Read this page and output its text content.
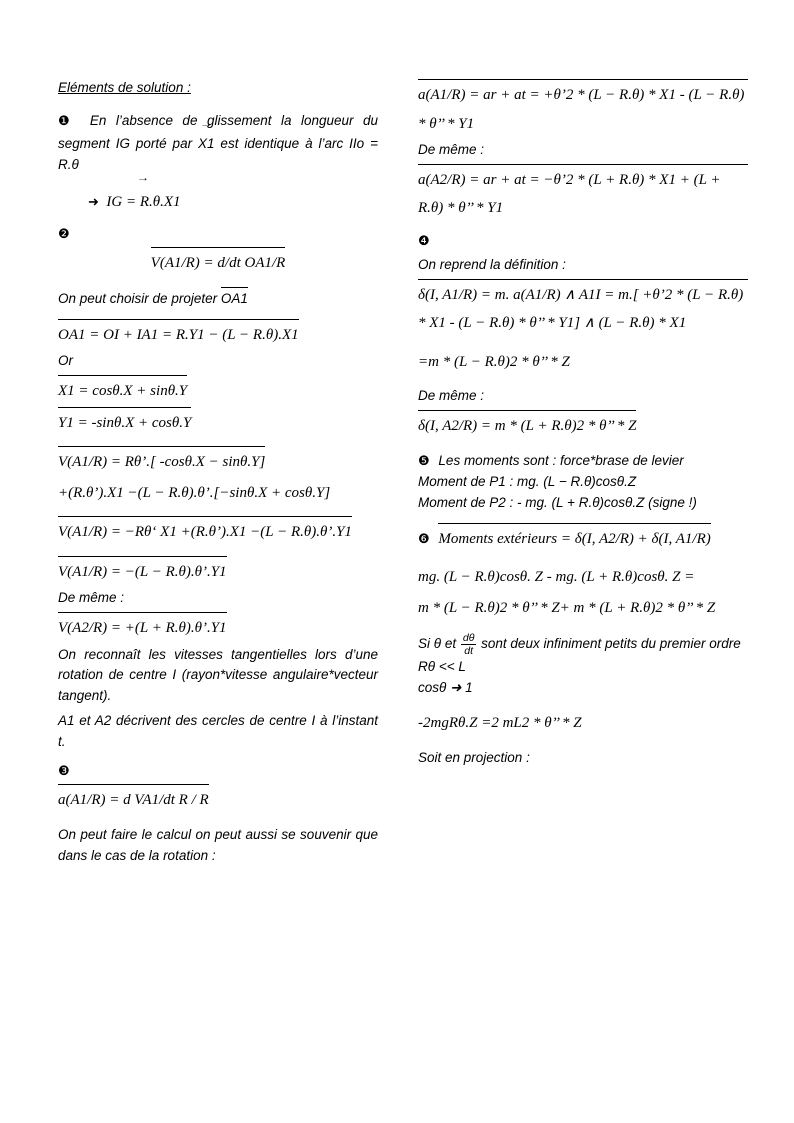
Eléments de solution :

❶ En l’absence de glissement la longueur du segment IG porté par X1 → est identique à l’arc IIo = R.θ

➜ IG = R.θ.X1 →

❷

V(A1/R) = d/dt OA1/R

On peut choisir de projeter OA1

OA1 = OI + IA1 = R.Y1 − (L − R.θ).X1

Or

X1 = cosθ.X + sinθ.Y

Y1 = -sinθ.X + cosθ.Y

V(A1/R) = Rθ’.[ -cosθ.X − sinθ.Y]

+(R.θ’).X1 −(L − R.θ).θ’.[−sinθ.X + cosθ.Y]

V(A1/R) = −Rθ‘ X1 +(R.θ’).X1 −(L − R.θ).θ’.Y1

V(A1/R) = −(L − R.θ).θ’.Y1

De même :

V(A2/R) = +(L + R.θ).θ’.Y1

On reconnaît les vitesses tangentielles lors d’une rotation de centre I (rayon*vitesse angulaire*vecteur tangent).

A1 et A2 décrivent des cercles de centre I à l’instant t.

❸

a(A1/R) = d VA1/dt R / R

On peut faire le calcul on peut aussi se souvenir que dans le cas de la rotation :

a(A1/R) = ar + at = +θ’2 * (L − R.θ) * X1 - (L − R.θ) * θ’’ * Y1

De même :

a(A2/R) = ar + at = −θ’2 * (L + R.θ) * X1 + (L + R.θ) * θ’’ * Y1

❹

On reprend la définition :

δ(I, A1/R) = m. a(A1/R) ∧ A1I = m.[ +θ’2 * (L − R.θ) * X1 - (L − R.θ) * θ’’ * Y1] ∧ (L − R.θ) * X1

=m * (L − R.θ)2 * θ’’ * Z

De même :

δ(I, A2/R) = m * (L + R.θ)2 * θ’’ * Z

❺ Les moments sont : force*brase de levier

Moment de P1 : mg. (L − R.θ)cosθ.Z

Moment de P2 : - mg. (L + R.θ)cosθ.Z (signe !)

❻ Moments extérieurs = δ(I, A2/R) + δ(I, A1/R)

mg. (L − R.θ)cosθ. Z - mg. (L + R.θ)cosθ. Z =

m * (L − R.θ)2 * θ’’ * Z+ m * (L + R.θ)2 * θ’’ * Z

Si θ et $\frac{d\theta}{dt}$ sont deux infiniment petits du premier ordre

Rθ << L

cosθ ➜ 1

-2mgRθ.Z =2 mL2 * θ’’ * Z

Soit en projection :
